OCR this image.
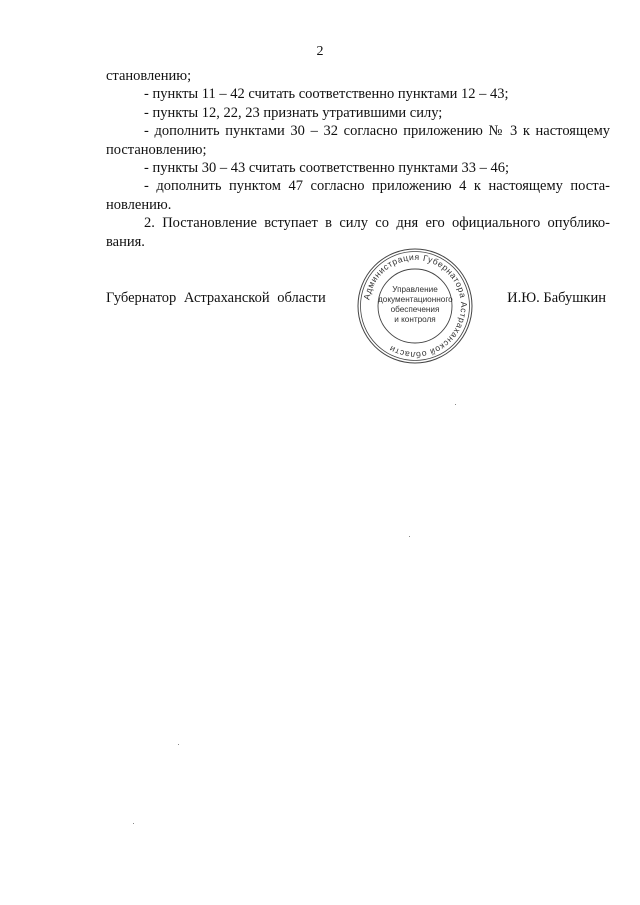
2
становлению;
- пункты 11 – 42 считать соответственно пунктами 12 – 43;
- пункты 12, 22, 23 признать утратившими силу;
- дополнить пунктами 30 – 32 согласно приложению № 3 к настоящему
постановлению;
- пункты 30 – 43 считать соответственно пунктами 33 – 46;
- дополнить пунктом 47 согласно приложению 4 к настоящему поста-
новлению.
2. Постановление вступает в силу со дня его официального опублико-
вания.
Губернатор Астраханской области	И.Ю. Бабушкин
Администрация Губернатора Астраханской области
Управление
документационного
обеспечения
и контроля
